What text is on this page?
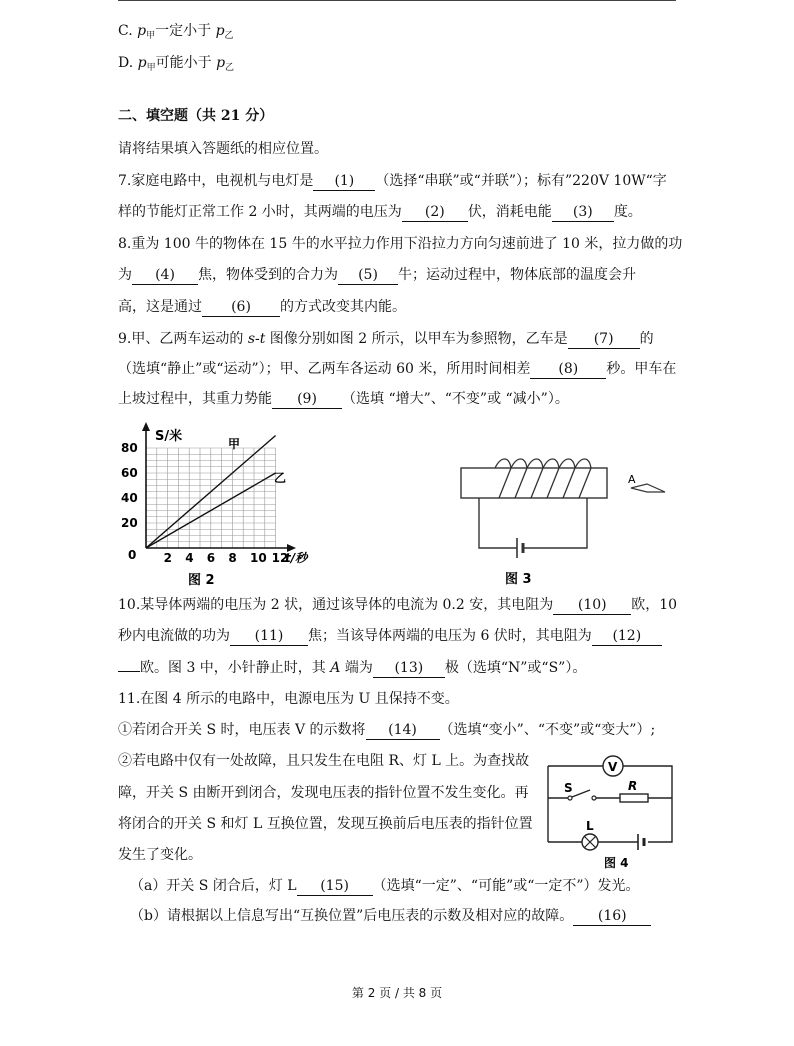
C. $p_甲$一定小于 $p_乙$
D. $p_甲$可能小于 $p_乙$
二、填空题（共 21 分）
请将结果填入答题纸的相应位置。
7.家庭电路中，电视机与电灯是 (1) （选择“串联”或“并联”）；标有”220V 10W“字
样的节能灯正常工作 2 小时，其两端的电压为 (2) 伏，消耗电能 (3) 度。
8.重为 100 牛的物体在 15 牛的水平拉力作用下沿拉力方向匀速前进了 10 米，拉力做的功
为 (4) 焦，物体受到的合力为 (5) 牛；运动过程中，物体底部的温度会升
高，这是通过 (6) 的方式改变其内能。
9.甲、乙两车运动的 s-t 图像分别如图 2 所示，以甲车为参照物，乙车是 (7) 的
（选填“静止”或“运动”）；甲、乙两车各运动 60 米，所用时间相差 (8) 秒。甲车在
上坡过程中，其重力势能 (9) （选填 “增大”、“不变”或 “减小”）。
2 4 6 8 10 12
20
40
60
80
S/米
t/秒
0
甲
乙
图 2
A
图 3
10.某导体两端的电压为 2 状，通过该导体的电流为 0.2 安，其电阻为 (10) 欧，10
秒内电流做的功为 (11) 焦；当该导体两端的电压为 6 伏时，其电阻为 (12)
欧。图 3 中，小针静止时，其 A 端为 (13) 极（选填“N”或“S”）。
11.在图 4 所示的电路中，电源电压为 U 且保持不变。
①若闭合开关 S 时，电压表 V 的示数将 (14) （选填“变小”、“不变”或“变大”）;
②若电路中仅有一处故障，且只发生在电阻 R、灯 L 上。为查找故
障，开关 S 由断开到闭合，发现电压表的指针位置不发生变化。再
将闭合的开关 S 和灯 L 互换位置，发现互换前后电压表的指针位置
发生了变化。
V
S	R
L
图 4
（a）开关 S 闭合后，灯 L (15) （选填“一定”、“可能”或“一定不”）发光。
（b）请根据以上信息写出“互换位置”后电压表的示数及相对应的故障。 (16)
第 2 页 / 共 8 页
